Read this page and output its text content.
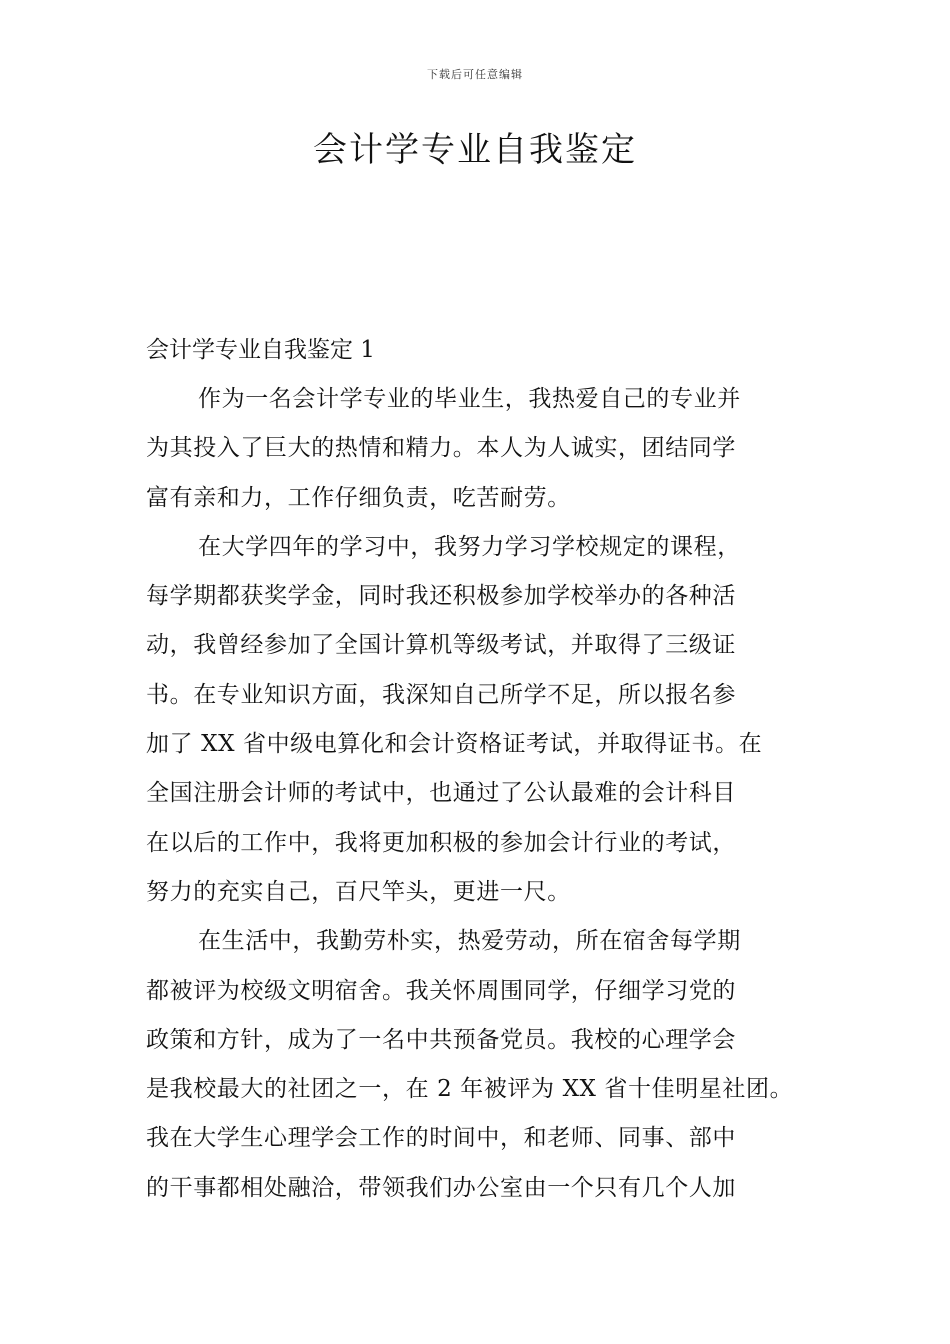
下载后可任意编辑
会计学专业自我鉴定
会计学专业自我鉴定 1
作为一名会计学专业的毕业生，我热爱自己的专业并
为其投入了巨大的热情和精力。本人为人诚实，团结同学
富有亲和力，工作仔细负责，吃苦耐劳。
在大学四年的学习中，我努力学习学校规定的课程，
每学期都获奖学金，同时我还积极参加学校举办的各种活
动，我曾经参加了全国计算机等级考试，并取得了三级证
书。在专业知识方面，我深知自己所学不足，所以报名参
加了 XX 省中级电算化和会计资格证考试，并取得证书。在
全国注册会计师的考试中，也通过了公认最难的会计科目
在以后的工作中，我将更加积极的参加会计行业的考试，
努力的充实自己，百尺竿头，更进一尺。
在生活中，我勤劳朴实，热爱劳动，所在宿舍每学期
都被评为校级文明宿舍。我关怀周围同学，仔细学习党的
政策和方针，成为了一名中共预备党员。我校的心理学会
是我校最大的社团之一，在 2 年被评为 XX 省十佳明星社团。
我在大学生心理学会工作的时间中，和老师、同事、部中
的干事都相处融洽，带领我们办公室由一个只有几个人加
